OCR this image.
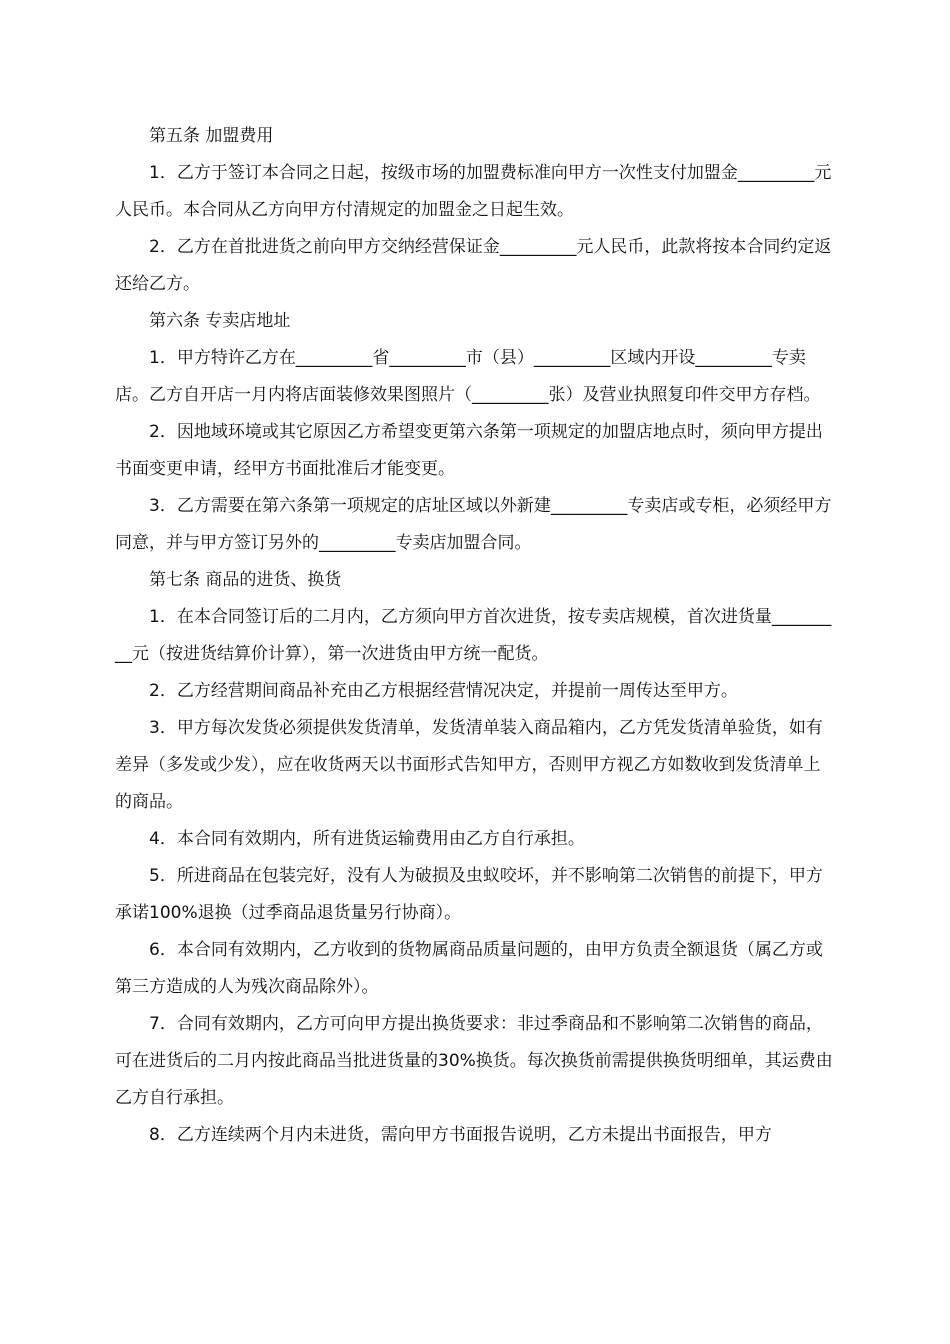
第五条 加盟费用

1．乙方于签订本合同之日起，按级市场的加盟费标准向甲方一次性支付加盟金_________元人民币。本合同从乙方向甲方付清规定的加盟金之日起生效。

2．乙方在首批进货之前向甲方交纳经营保证金_________元人民币，此款将按本合同约定返还给乙方。

第六条 专卖店地址

1．甲方特许乙方在_________省_________市（县）_________区域内开设_________专卖店。乙方自开店一月内将店面装修效果图照片（_________张）及营业执照复印件交甲方存档。

2．因地域环境或其它原因乙方希望变更第六条第一项规定的加盟店地点时，须向甲方提出书面变更申请，经甲方书面批准后才能变更。

3．乙方需要在第六条第一项规定的店址区域以外新建_________专卖店或专柜，必须经甲方同意，并与甲方签订另外的_________专卖店加盟合同。

第七条 商品的进货、换货

1．在本合同签订后的二月内，乙方须向甲方首次进货，按专卖店规模，首次进货量_________元（按进货结算价计算），第一次进货由甲方统一配货。

2．乙方经营期间商品补充由乙方根据经营情况决定，并提前一周传达至甲方。

3．甲方每次发货必须提供发货清单，发货清单装入商品箱内，乙方凭发货清单验货，如有差异（多发或少发），应在收货两天以书面形式告知甲方，否则甲方视乙方如数收到发货清单上的商品。

4．本合同有效期内，所有进货运输费用由乙方自行承担。

5．所进商品在包装完好，没有人为破损及虫蚁咬坏，并不影响第二次销售的前提下，甲方承诺100%退换（过季商品退货量另行协商）。

6．本合同有效期内，乙方收到的货物属商品质量问题的，由甲方负责全额退货（属乙方或第三方造成的人为残次商品除外）。

7．合同有效期内，乙方可向甲方提出换货要求：非过季商品和不影响第二次销售的商品，可在进货后的二月内按此商品当批进货量的30%换货。每次换货前需提供换货明细单，其运费由乙方自行承担。

8．乙方连续两个月内未进货，需向甲方书面报告说明，乙方未提出书面报告，甲方
